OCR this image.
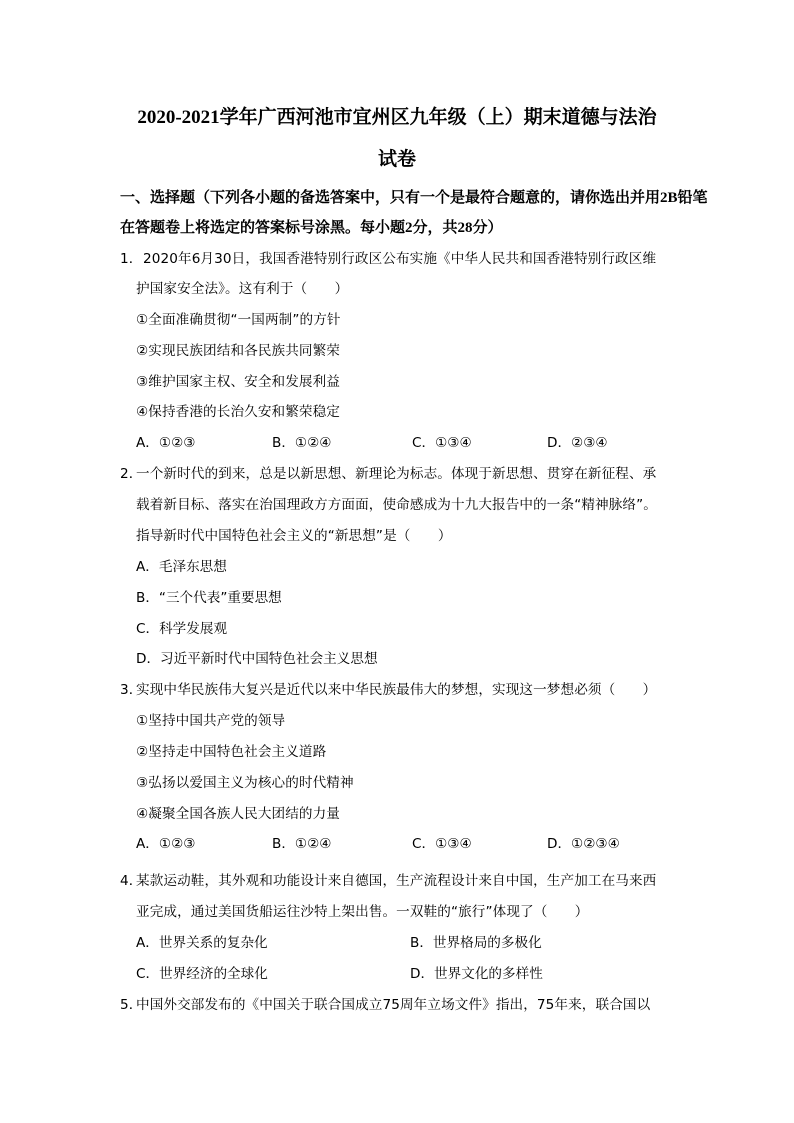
2020-2021学年广西河池市宜州区九年级（上）期末道德与法治
试卷
一、选择题（下列各小题的备选答案中，只有一个是最符合题意的，请你选出并用2B铅笔
在答题卷上将选定的答案标号涂黑。每小题2分，共28分）
1． 2020年6月30日，我国香港特别行政区公布实施《中华人民共和国香港特别行政区维
护国家安全法》。这有利于（　　）
①全面准确贯彻“一国两制”的方针
②实现民族团结和各民族共同繁荣
③维护国家主权、安全和发展利益
④保持香港的长治久安和繁荣稳定
A．①②③	B．①②④	C．①③④	D．②③④
2．
一个新时代的到来，总是以新思想、新理论为标志。体现于新思想、贯穿在新征程、承
载着新目标、落实在治国理政方方面面，使命感成为十九大报告中的一条“精神脉络”。
指导新时代中国特色社会主义的“新思想”是（　　）
A．毛泽东思想
B．“三个代表”重要思想
C．科学发展观
D．习近平新时代中国特色社会主义思想
3．
实现中华民族伟大复兴是近代以来中华民族最伟大的梦想，实现这一梦想必须（　　）
①坚持中国共产党的领导
②坚持走中国特色社会主义道路
③弘扬以爱国主义为核心的时代精神
④凝聚全国各族人民大团结的力量
A．①②③	B．①②④	C．①③④	D．①②③④
4．
某款运动鞋，其外观和功能设计来自德国，生产流程设计来自中国，生产加工在马来西
亚完成，通过美国货船运往沙特上架出售。一双鞋的“旅行”体现了（　　）
A．世界关系的复杂化	B．世界格局的多极化
C．世界经济的全球化	D．世界文化的多样性
5．
中国外交部发布的《中国关于联合国成立75周年立场文件》指出，75年来，联合国以
